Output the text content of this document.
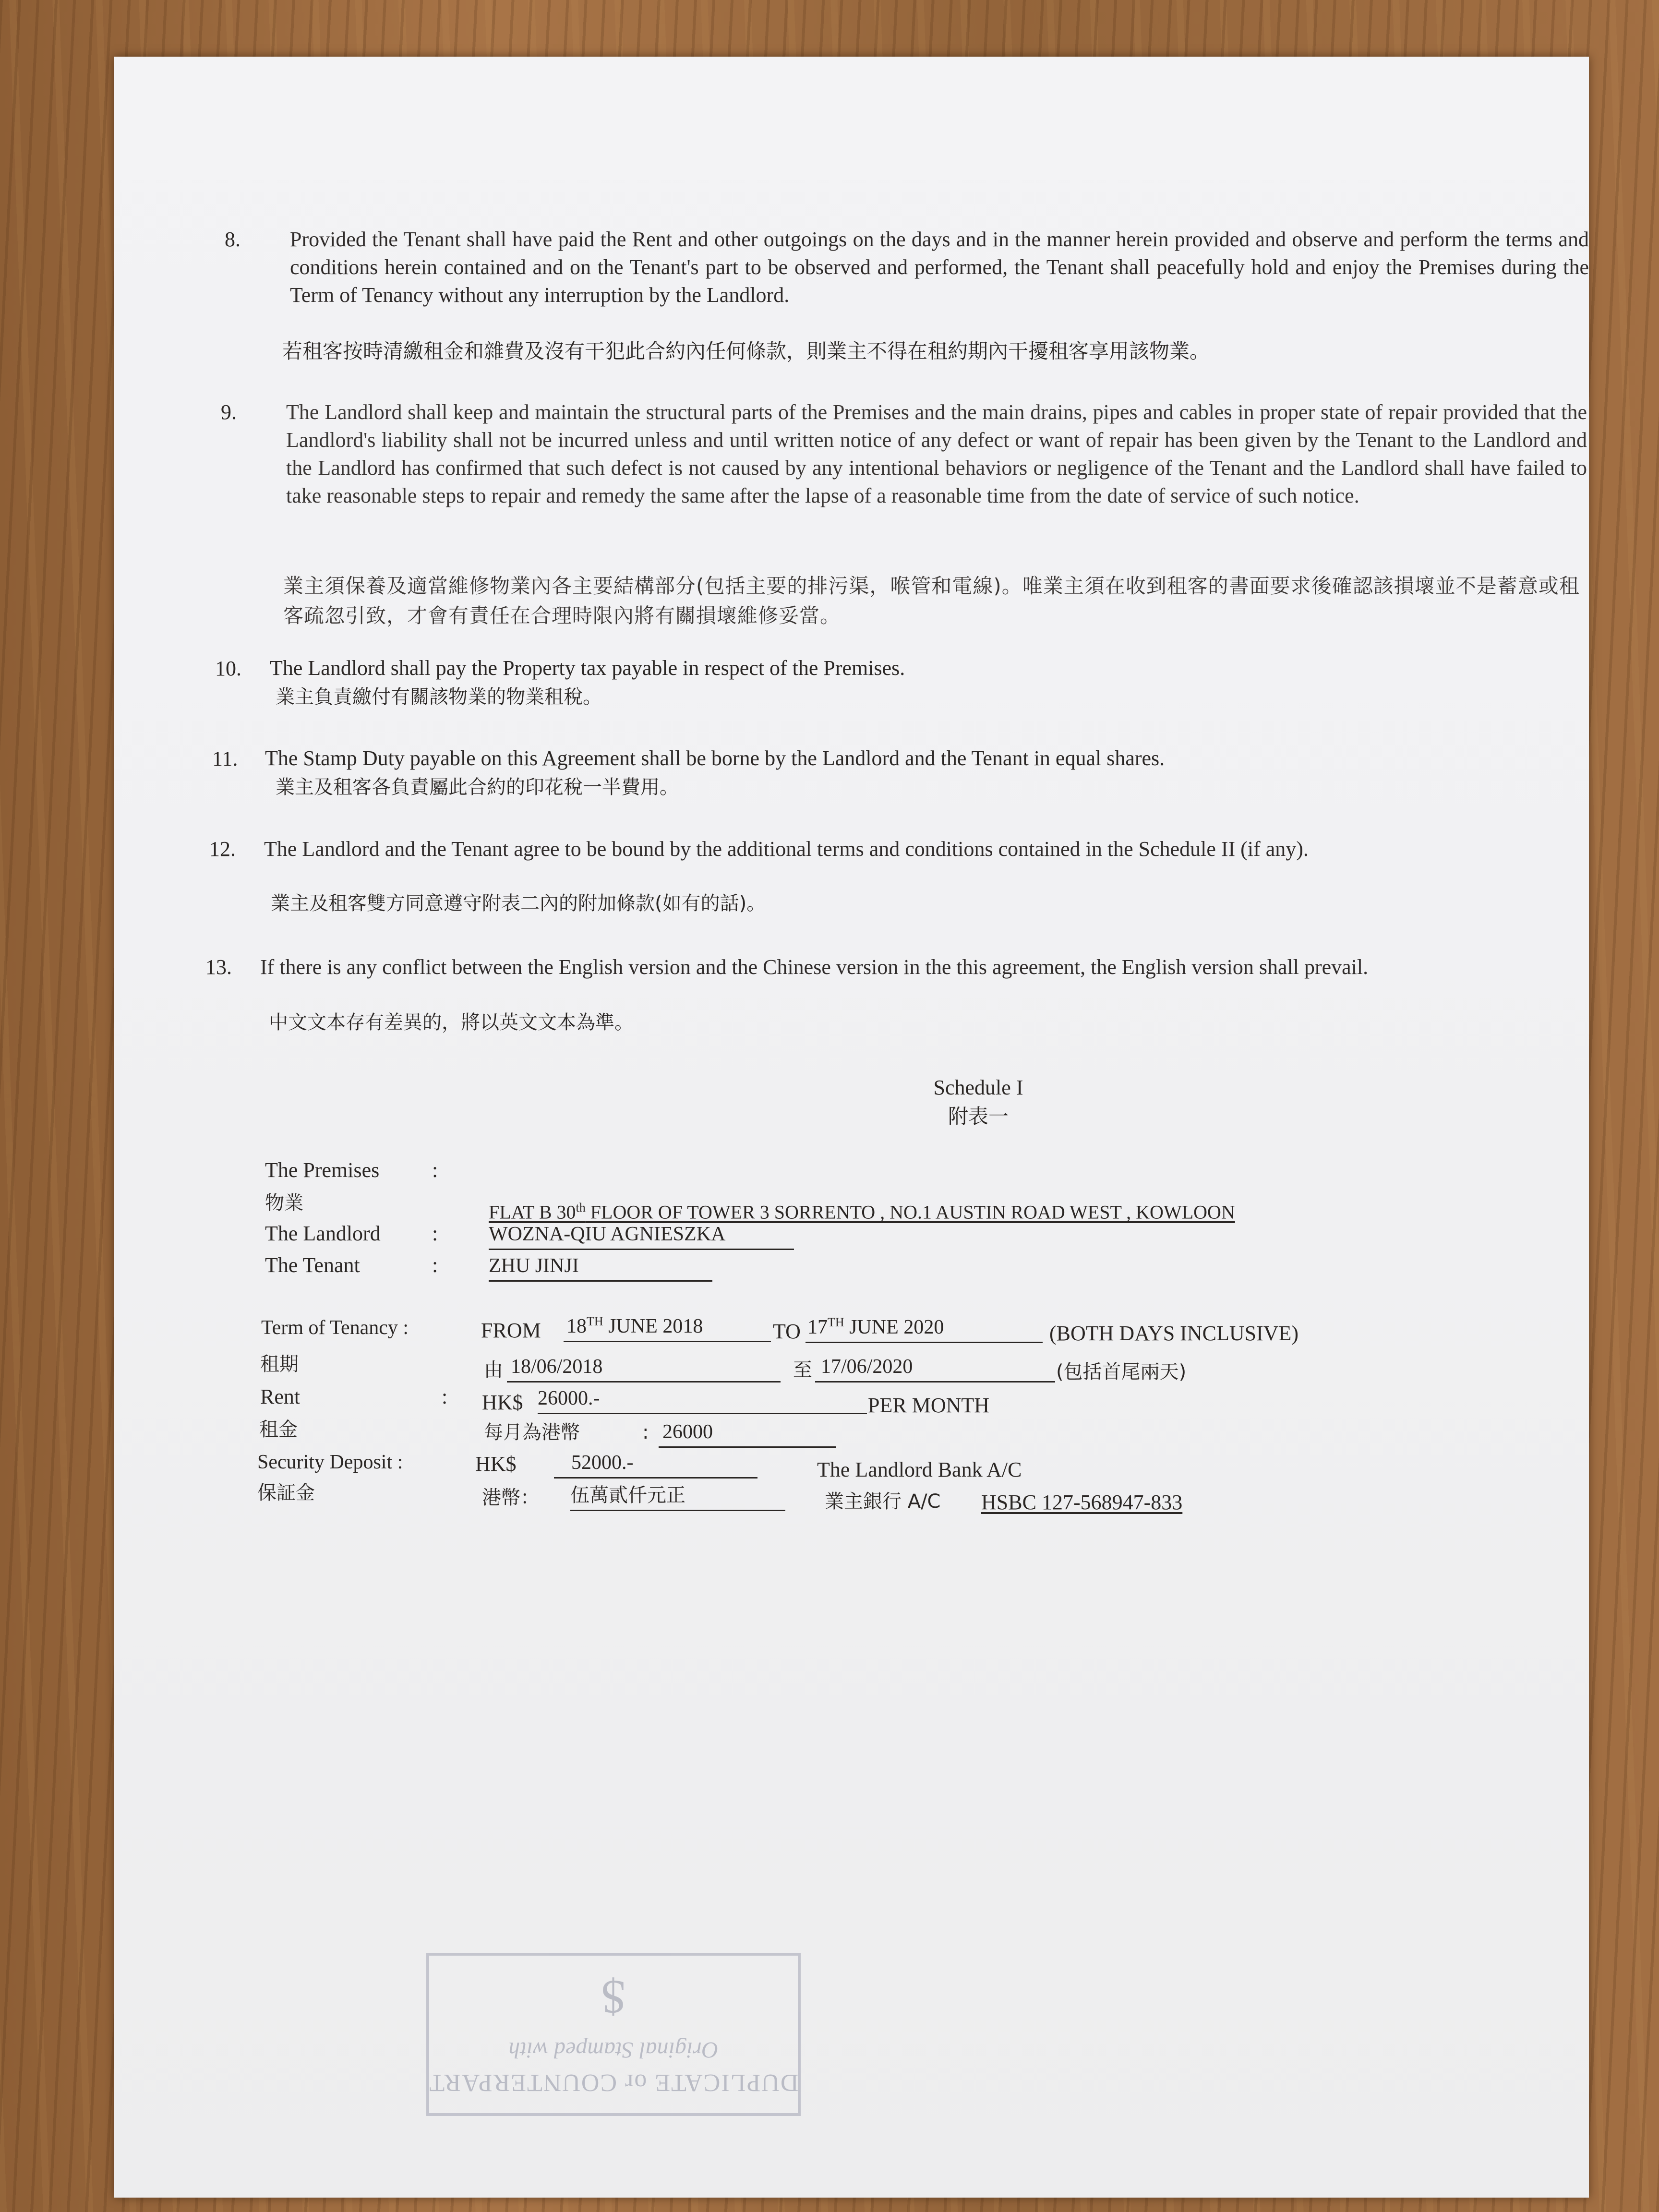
8. Provided the Tenant shall have paid the Rent and other outgoings on the days and in the manner herein provided and observe and perform the terms and conditions herein contained and on the Tenant's part to be observed and performed, the Tenant shall peacefully hold and enjoy the Premises during the Term of Tenancy without any interruption by the Landlord.

若租客按時清繳租金和雜費及沒有干犯此合約內任何條款，則業主不得在租約期內干擾租客享用該物業。
9. The Landlord shall keep and maintain the structural parts of the Premises and the main drains, pipes and cables in proper state of repair provided that the Landlord's liability shall not be incurred unless and until written notice of any defect or want of repair has been given by the Tenant to the Landlord and the Landlord has confirmed that such defect is not caused by any intentional behaviors or negligence of the Tenant and the Landlord shall have failed to take reasonable steps to repair and remedy the same after the lapse of a reasonable time from the date of service of such notice.

業主須保養及適當維修物業內各主要結構部分(包括主要的排污渠，喉管和電線)。唯業主須在收到租客的書面要求後確認該損壞並不是蓄意或租客疏忽引致，才會有責任在合理時限內將有關損壞維修妥當。

10. The Landlord shall pay the Property tax payable in respect of the Premises.
業主負責繳付有關該物業的物業租稅。
11. The Stamp Duty payable on this Agreement shall be borne by the Landlord and the Tenant in equal shares.
業主及租客各負責屬此合約的印花稅一半費用。
12. The Landlord and the Tenant agree to be bound by the additional terms and conditions contained in the Schedule II (if any).

業主及租客雙方同意遵守附表二內的附加條款(如有的話)。
13. If there is any conflict between the English version and the Chinese version in the this agreement, the English version shall prevail.

中文文本存有差異的，將以英文文本為準。
Schedule I
附表一
The Premises :
物業	FLAT B 30th FLOOR OF TOWER 3 SORRENTO , NO.1 AUSTIN ROAD WEST , KOWLOON
The Landlord :	WOZNA-QIU AGNIESZKA
The Tenant	:	ZHU JINJI
Term of Tenancy :	FROM 18TH JUNE 2018	TO 17TH JUNE 2020	(BOTH DAYS INCLUSIVE)
租期	由 18/06/2018	至 17/06/2020	(包括首尾兩天)
Rent	: HK$ 26000.-	PER MONTH
租金	每月為港幣	: 26000
Security Deposit :	HK$	52000.-	The Landlord Bank A/C
保証金	港幣： 伍萬貳仟元正	業主銀行 A/C HSBC 127-568947-833
DUPLICATE or COUNTERPART
Original Stamped with
$
